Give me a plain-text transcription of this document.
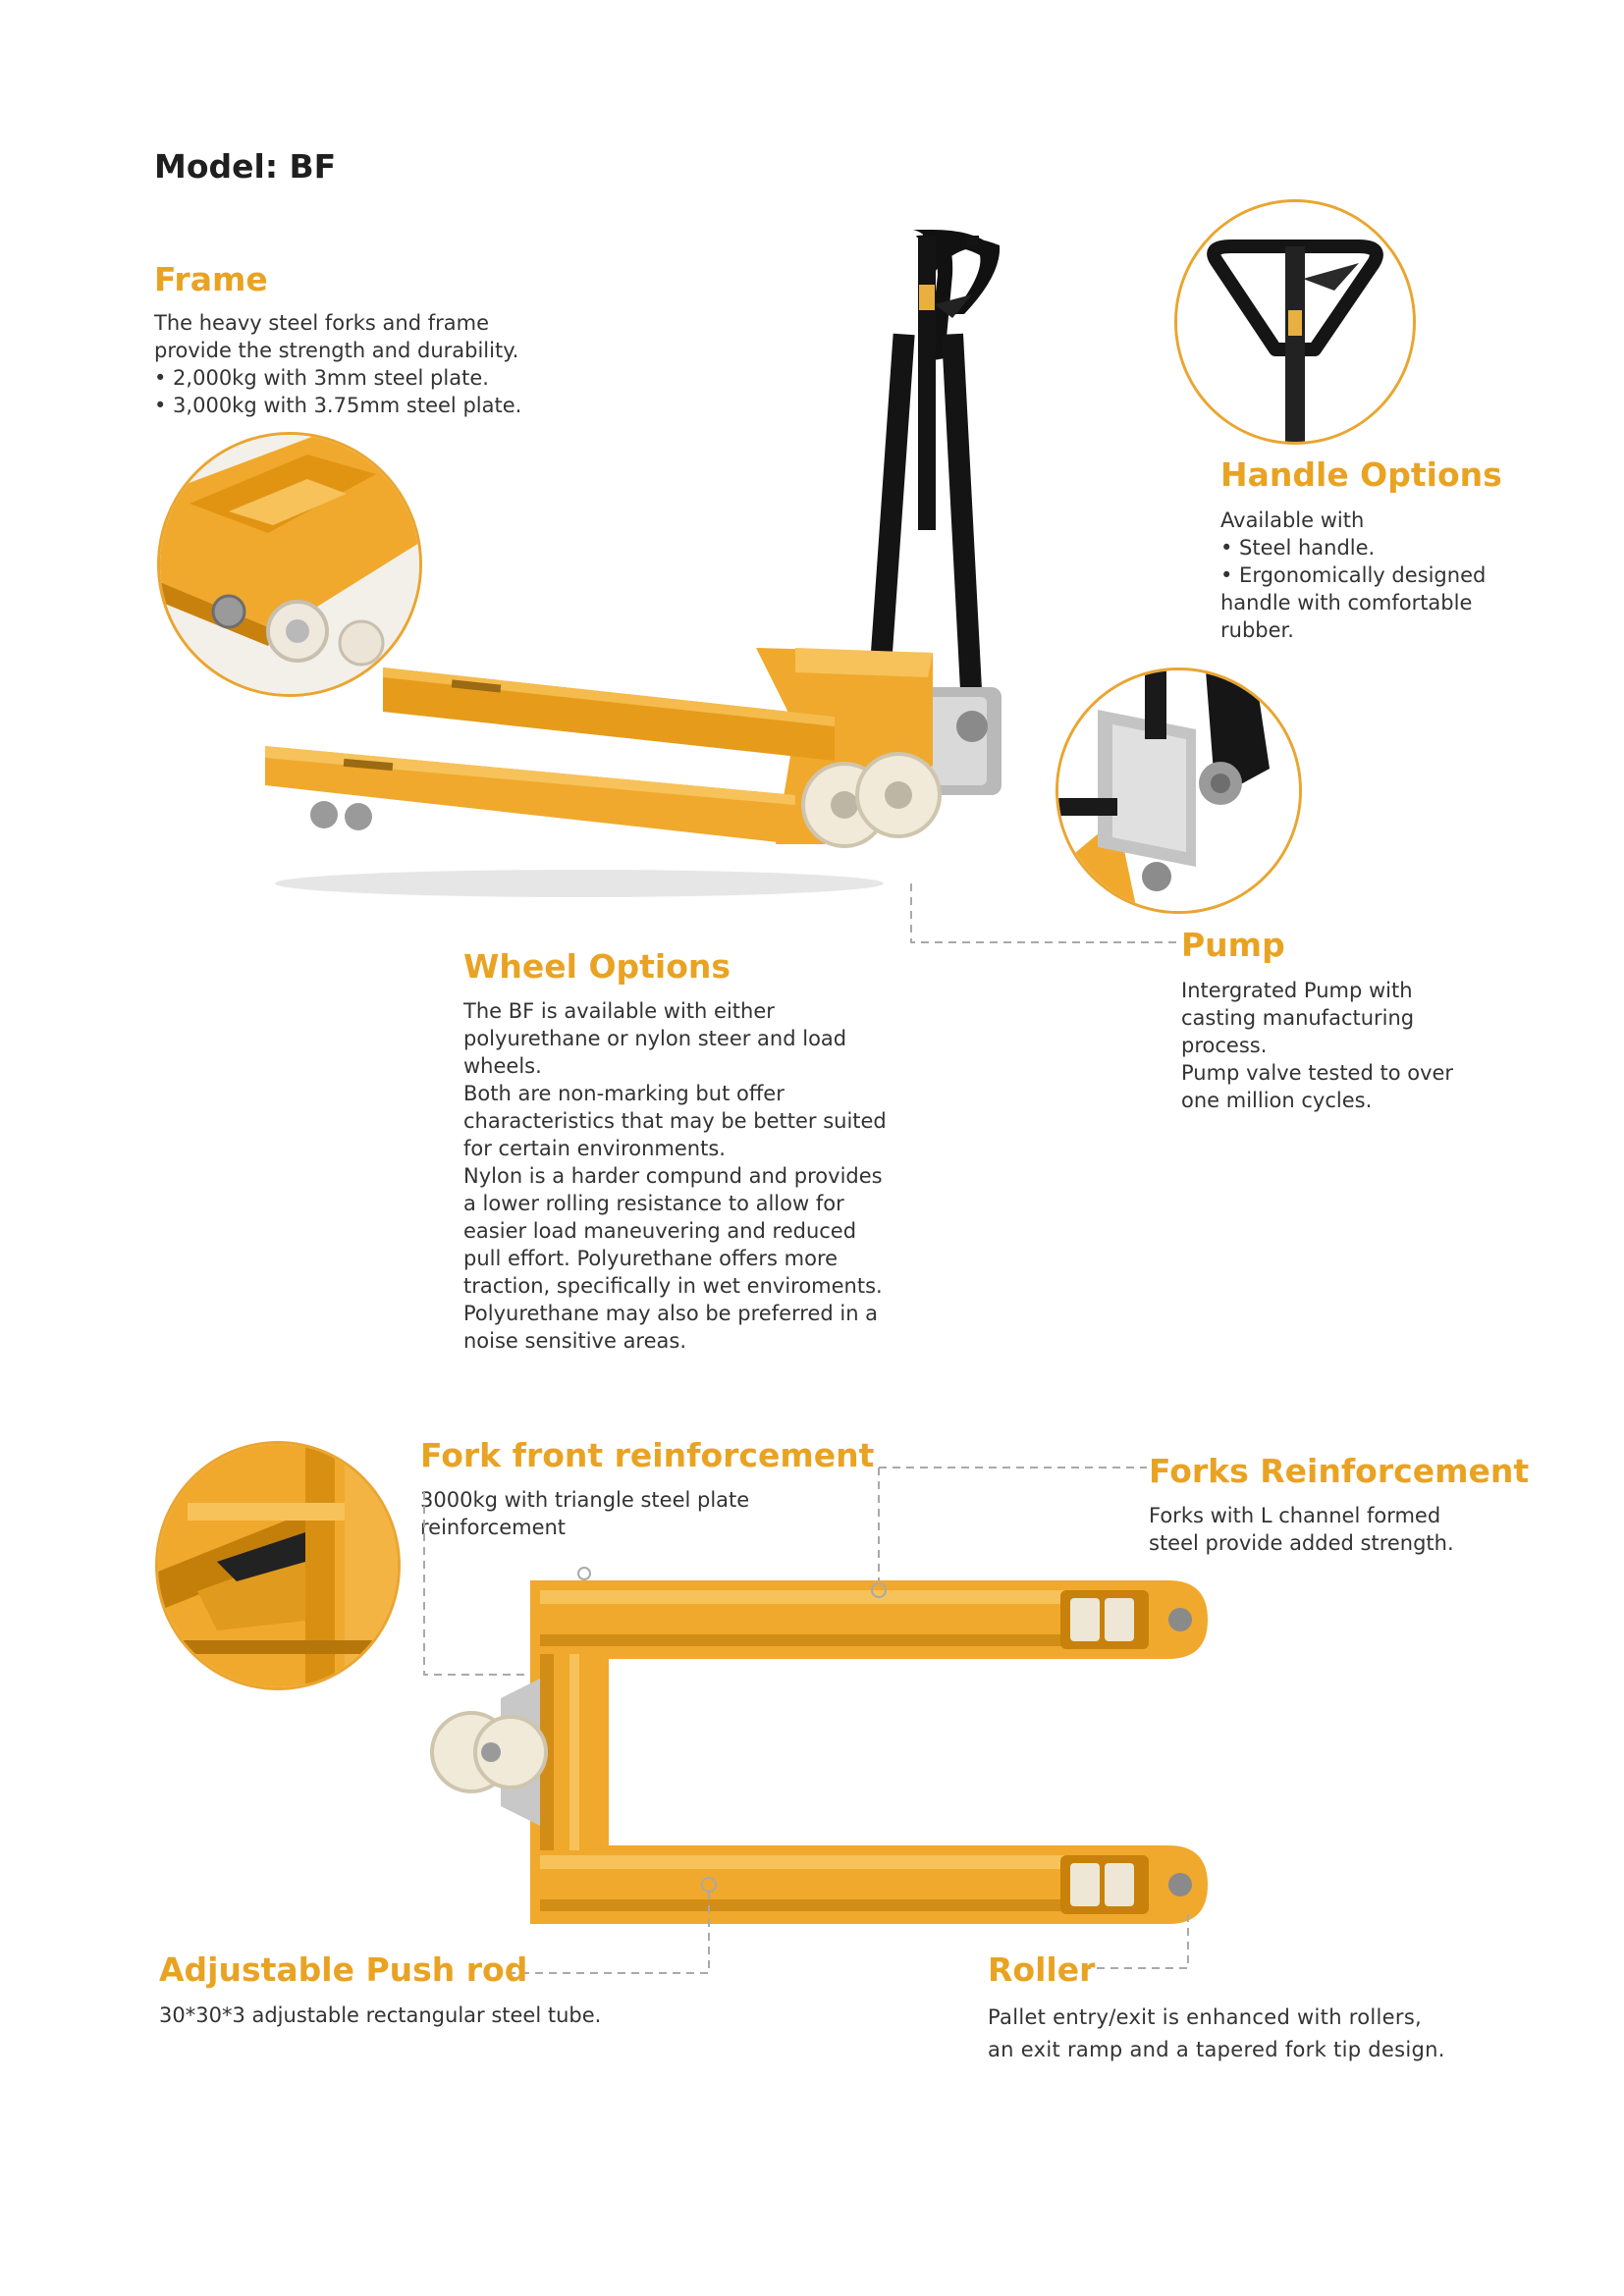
Model: BF
Frame
The heavy steel forks and frame
provide the strength and durability.
• 2,000kg with 3mm steel plate.
• 3,000kg with 3.75mm steel plate.
Handle Options
Available with
• Steel handle.
• Ergonomically designed
handle with comfortable
rubber.
Pump
Intergrated Pump with
casting manufacturing
process.
Pump valve tested to over
one million cycles.
Wheel Options
The BF is available with either
polyurethane or nylon steer and load
wheels.
Both are non-marking but offer
characteristics that may be better suited
for certain environments.
Nylon is a harder compund and provides
a lower rolling resistance to allow for
easier load maneuvering and reduced
pull effort. Polyurethane offers more
traction, specifically in wet enviroments.
Polyurethane may also be preferred in a
noise sensitive areas.
Fork front reinforcement
3000kg with triangle steel plate
reinforcement
Forks Reinforcement
Forks with L channel formed
steel provide added strength.
Adjustable Push rod
30*30*3 adjustable rectangular steel tube.
Roller
Pallet entry/exit is enhanced with rollers,
an exit ramp and a tapered fork tip design.
